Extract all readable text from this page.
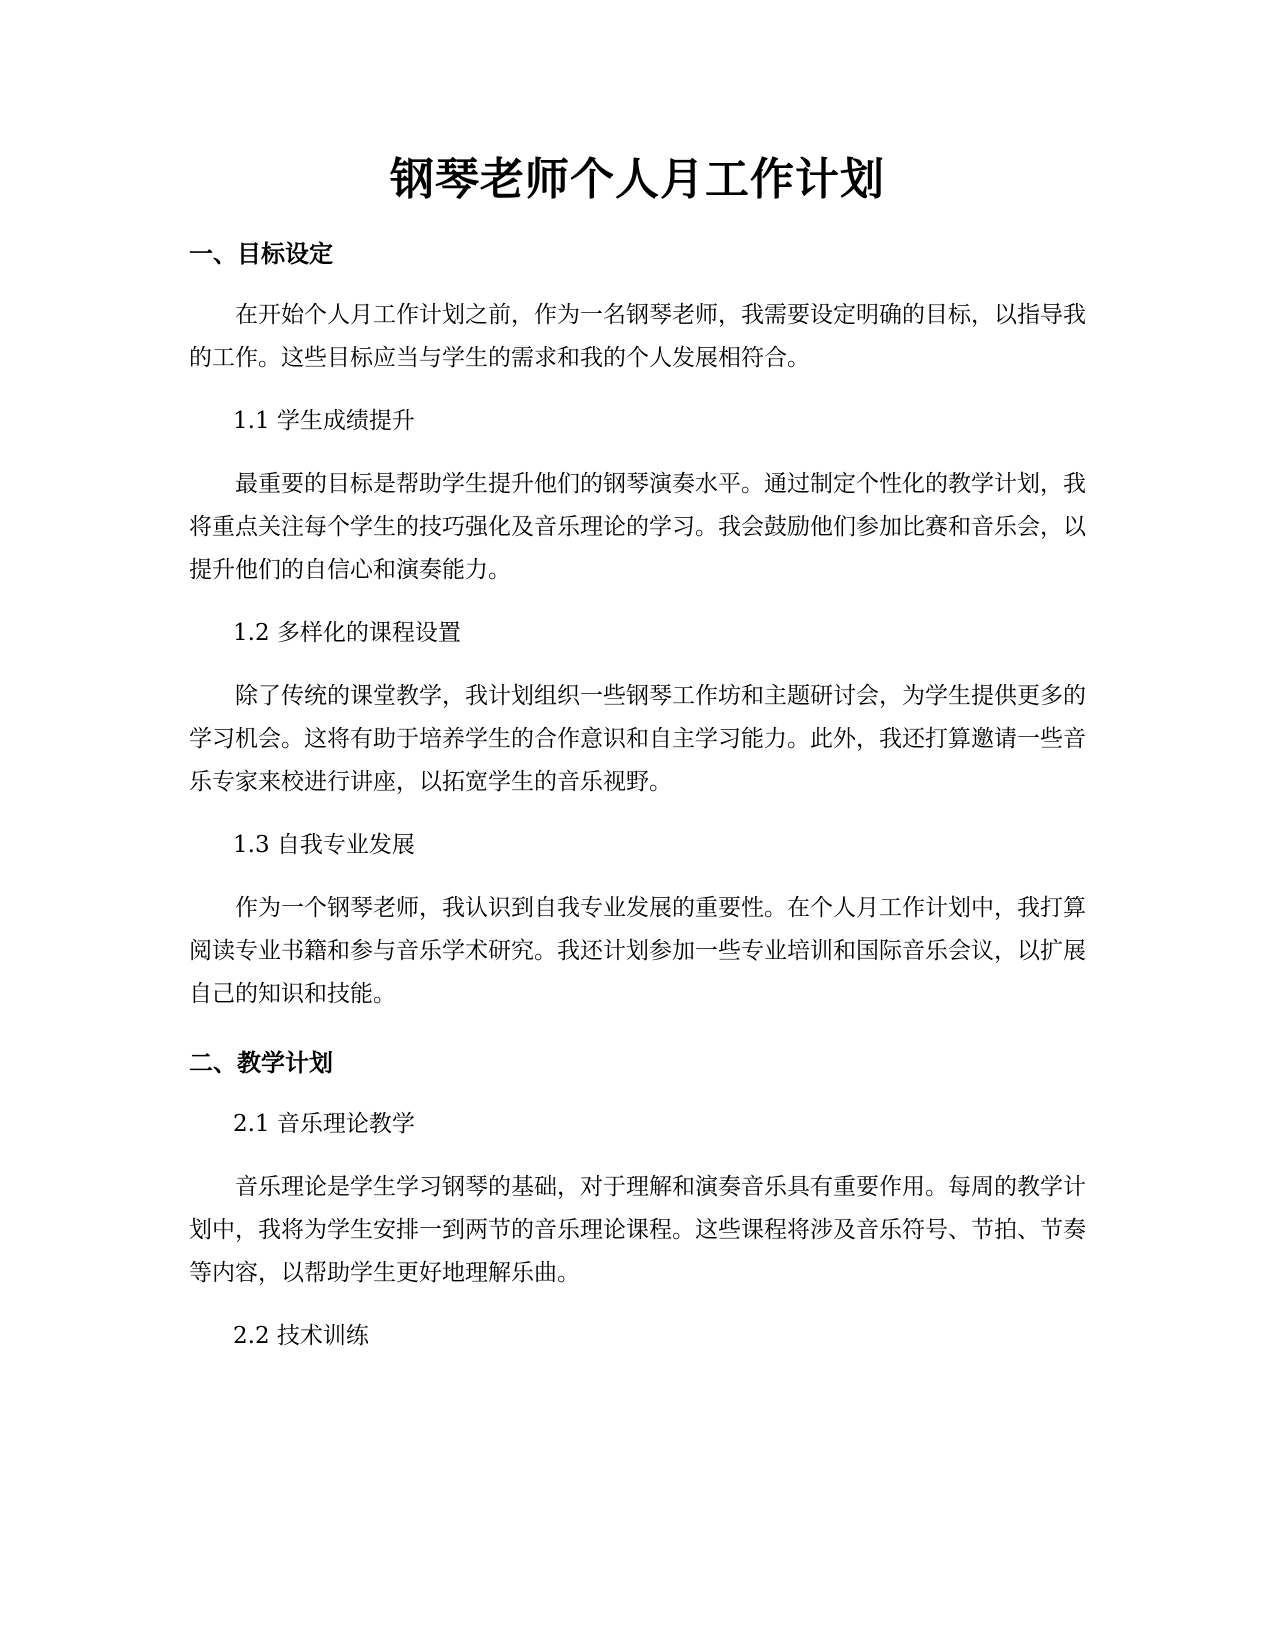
钢琴老师个人月工作计划
一、目标设定

在开始个人月工作计划之前，作为一名钢琴老师，我需要设定明确的目标，以指导我的工作。这些目标应当与学生的需求和我的个人发展相符合。

1.1 学生成绩提升

最重要的目标是帮助学生提升他们的钢琴演奏水平。通过制定个性化的教学计划，我将重点关注每个学生的技巧强化及音乐理论的学习。我会鼓励他们参加比赛和音乐会，以提升他们的自信心和演奏能力。

1.2 多样化的课程设置

除了传统的课堂教学，我计划组织一些钢琴工作坊和主题研讨会，为学生提供更多的学习机会。这将有助于培养学生的合作意识和自主学习能力。此外，我还打算邀请一些音乐专家来校进行讲座，以拓宽学生的音乐视野。

1.3 自我专业发展

作为一个钢琴老师，我认识到自我专业发展的重要性。在个人月工作计划中，我打算阅读专业书籍和参与音乐学术研究。我还计划参加一些专业培训和国际音乐会议，以扩展自己的知识和技能。

二、教学计划

2.1 音乐理论教学

音乐理论是学生学习钢琴的基础，对于理解和演奏音乐具有重要作用。每周的教学计划中，我将为学生安排一到两节的音乐理论课程。这些课程将涉及音乐符号、节拍、节奏等内容，以帮助学生更好地理解乐曲。

2.2 技术训练
